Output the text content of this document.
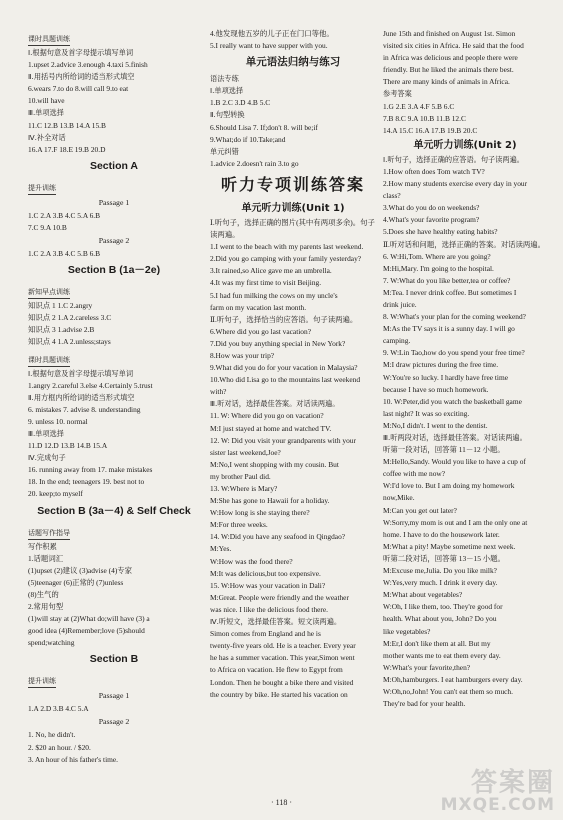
课时具题训练
Ⅰ.根据句意及首字母提示填写单词
1.upset 2.advice 3.enough 4.taxi 5.finish
Ⅱ.用括号内所给词的适当形式填空
6.wears 7.to do 8.will call 9.to eat
10.will have
Ⅲ.单项选择
11.C 12.B 13.B 14.A 15.B
Ⅳ.补全对话
16.A 17.F 18.E 19.B 20.D
Section A
提升训练
Passage 1
1.C 2.A 3.B 4.C 5.A 6.B
7.C 9.A 10.B
Passage 2
1.C 2.A 3.B 4.C 5.B 6.B
Section B (1a－2e)
新知早点训练
知识点 1 1.C 2.angry
知识点 2 1.A 2.careless 3.C
知识点 3 1.advise 2.B
知识点 4 1.A 2.unless;stays
课时具题训练
Ⅰ.根据句意及首字母提示填写单词
1.angry 2.careful 3.else 4.Certainly 5.trust
Ⅱ.用方框内所给词的适当形式填空
6. mistakes 7. advise 8. understanding
9. unless 10. normal
Ⅲ.单项选择
11.D 12.D 13.B 14.B 15.A
Ⅳ.完成句子
16. running away from 17. make mistakes
18. In the end; teenagers 19. best not to
20. keep;to myself
Section B (3a－4) & Self Check
话题写作指导
写作积累
1.话题词汇
(1)upset (2)建议 (3)advise (4)专家
(5)teenager (6)正常的 (7)unless
(8)生气的
2.常用句型
(1)will stay at (2)What do;will have (3) a
good idea (4)Remember;love (5)should
spend;watching
Section B
提升训练
Passage 1
1.A 2.D 3.B 4.C 5.A
Passage 2
1. No, he didn't.
2. $20 an hour. / $20.
3. An hour of his father's time.
4.他发现他五岁的儿子正在门口等他。
5.I really want to have supper with you.
单元语法归纳与练习
语法专练
Ⅰ.单项选择
1.B 2.C 3.D 4.B 5.C
Ⅱ.句型转换
6.Should Lisa 7. If;don't 8. will be;if
9.What;do if 10.Take;and
单元纠错
1.advice 2.doesn't rain 3.to go
听力专项训练答案
单元听力训练(Unit 1)
Ⅰ.听句子，选择正确的图片(其中有两项多余)。句子读两遍。
1.I went to the beach with my parents last weekend.
2.Did you go camping with your family yesterday?
3.It rained,so Alice gave me an umbrella.
4.It was my first time to visit Beijing.
5.I had fun milking the cows on my uncle's
farm on my vacation last month.
Ⅱ.听句子，选择恰当的应答语。句子读两遍。
6.Where did you go last vacation?
7.Did you buy anything special in New York?
8.How was your trip?
9.What did you do for your vacation in Malaysia?
10.Who did Lisa go to the mountains last weekend
with?
Ⅲ.听对话，选择最佳答案。对话读两遍。
11. W: Where did you go on vacation?
M:I just stayed at home and watched TV.
12. W: Did you visit your grandparents with your
sister last weekend,Joe?
M:No,I went shopping with my cousin. But
my brother Paul did.
13. W:Where is Mary?
M:She has gone to Hawaii for a holiday.
W:How long is she staying there?
M:For three weeks.
14. W:Did you have any seafood in Qingdao?
M:Yes.
W:How was the food there?
M:It was delicious,but too expensive.
15. W:How was your vacation in Dali?
M:Great. People were friendly and the weather
was nice. I like the delicious food there.
Ⅳ.听短文，选择最佳答案。短文读两遍。
Simon comes from England and he is
twenty-five years old. He is a teacher. Every year
he has a summer vacation. This year,Simon went
to Africa on vacation. He flew to Egypt from
London. Then he bought a bike there and visited
the country by bike. He started his vacation on
June 15th and finished on August 1st. Simon
visited six cities in Africa. He said that the food
in Africa was delicious and people there were
friendly. But he liked the animals there best.
There are many kinds of animals in Africa.
参考答案
1.G 2.E 3.A 4.F 5.B 6.C
7.B 8.C 9.A 10.B 11.B 12.C
14.A 15.C 16.A 17.B 19.B 20.C
单元听力训练(Unit 2)
Ⅰ.听句子，选择正确的应答语。句子读两遍。
1.How often does Tom watch TV?
2.How many students exercise every day in your
class?
3.What do you do on weekends?
4.What's your favorite program?
5.Does she have healthy eating habits?
Ⅱ.听对话和问题，选择正确的答案。对话读两遍。
6. W:Hi,Tom. Where are you going?
M:Hi,Mary. I'm going to the hospital.
7. W:What do you like better,tea or coffee?
M:Tea. I never drink coffee. But sometimes I
drink juice.
8. W:What's your plan for the coming weekend?
M:As the TV says it is a sunny day. I will go
camping.
9. W:Lin Tao,how do you spend your free time?
M:I draw pictures during the free time.
W:You're so lucky. I hardly have free time
because I have so much homework.
10. W:Peter,did you watch the basketball game
last night? It was so exciting.
M:No,I didn't. I went to the dentist.
Ⅲ.听两段对话，选择最佳答案。对话读两遍。
听第一段对话，回答第 11－12 小题。
M:Hello,Sandy. Would you like to have a cup of
coffee with me now?
W:I'd love to. But I am doing my homework
now,Mike.
M:Can you get out later?
W:Sorry,my mom is out and I am the only one at
home. I have to do the housework later.
M:What a pity! Maybe sometime next week.
听第二段对话，回答第 13－15 小题。
M:Excuse me,Julia. Do you like milk?
W:Yes,very much. I drink it every day.
M:What about vegetables?
W:Oh, I like them, too. They're good for
health. What about you, John? Do you
like vegetables?
M:Er,I don't like them at all. But my
mother wants me to eat them every day.
W:What's your favorite,then?
M:Oh,hamburgers. I eat hamburgers every day.
W:Oh,no,John! You can't eat them so much.
They're bad for your health.
· 118 ·
答案圈
MXQE.COM
